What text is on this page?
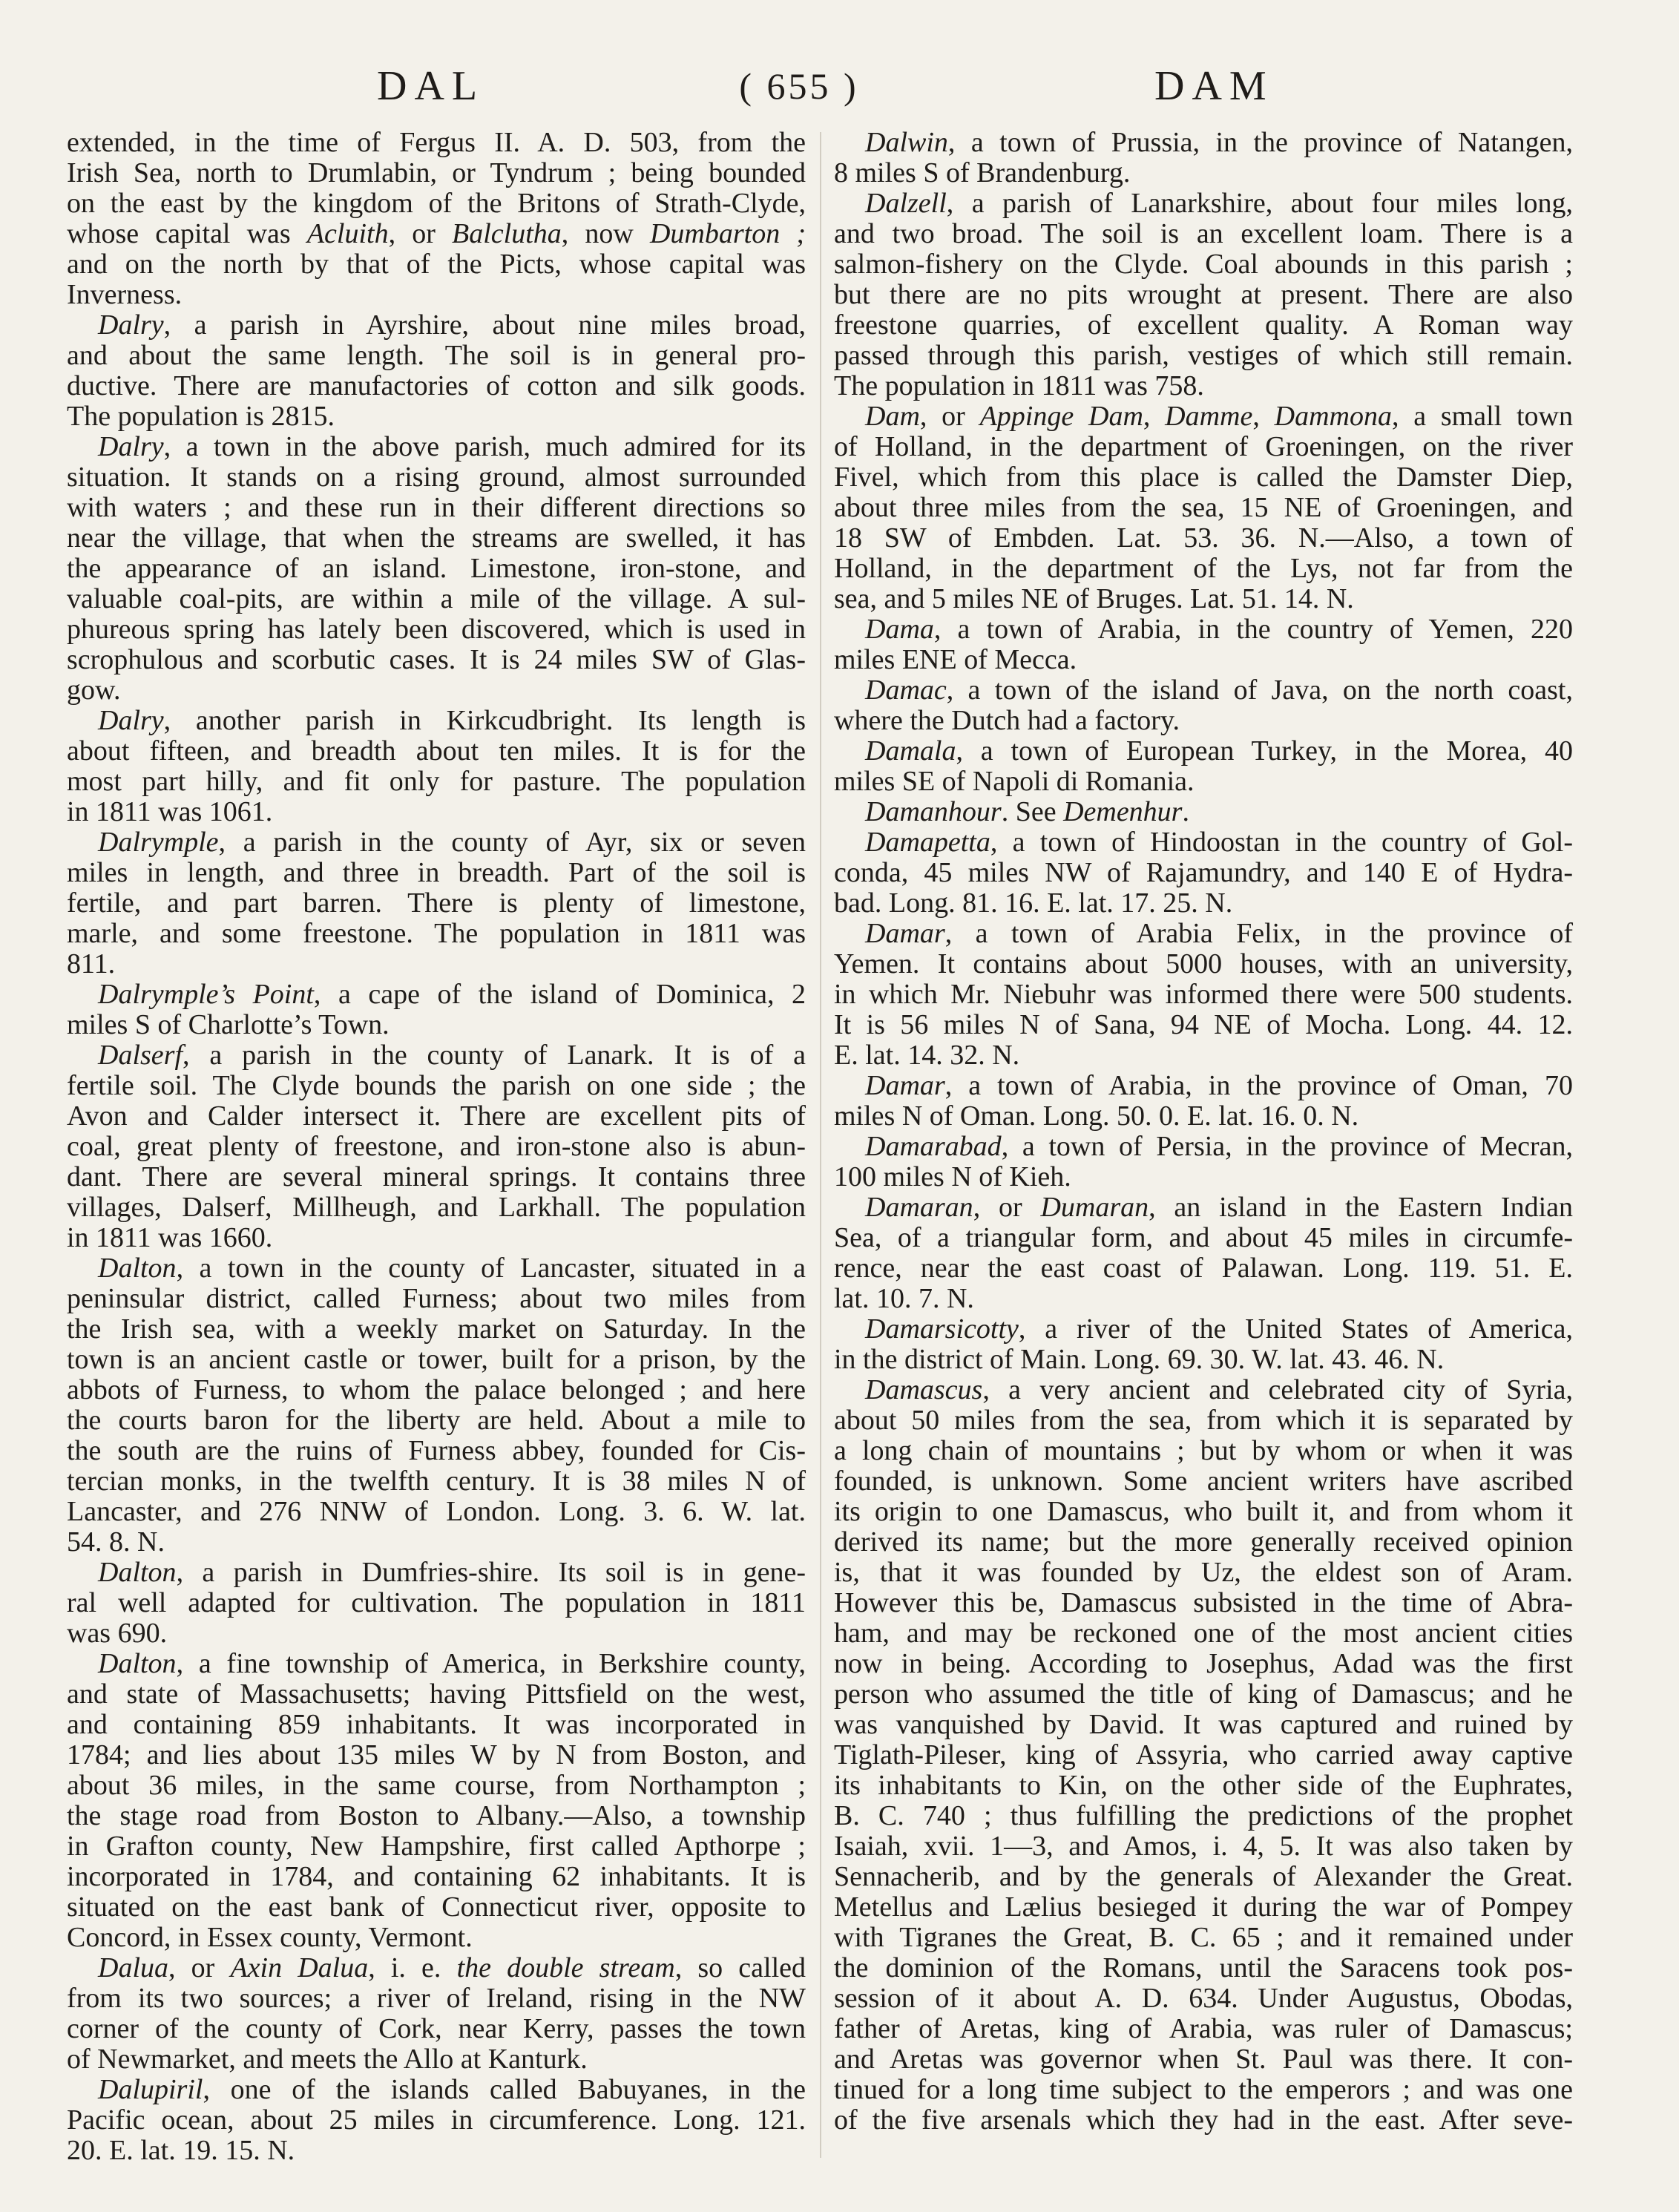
DAL	( 655 )	DAM
extended, in the time of Fergus II. A. D. 503, from the
Irish Sea, north to Drumlabin, or Tyndrum ; being bounded
on the east by the kingdom of the Britons of Strath-Clyde,
whose capital was Acluith, or Balclutha, now Dumbarton ;
and on the north by that of the Picts, whose capital was
Inverness.
Dalry, a parish in Ayrshire, about nine miles broad,
and about the same length. The soil is in general pro-
ductive. There are manufactories of cotton and silk goods.
The population is 2815.
Dalry, a town in the above parish, much admired for its
situation. It stands on a rising ground, almost surrounded
with waters ; and these run in their different directions so
near the village, that when the streams are swelled, it has
the appearance of an island. Limestone, iron-stone, and
valuable coal-pits, are within a mile of the village. A sul-
phureous spring has lately been discovered, which is used in
scrophulous and scorbutic cases. It is 24 miles SW of Glas-
gow.
Dalry, another parish in Kirkcudbright. Its length is
about fifteen, and breadth about ten miles. It is for the
most part hilly, and fit only for pasture. The population
in 1811 was 1061.
Dalrymple, a parish in the county of Ayr, six or seven
miles in length, and three in breadth. Part of the soil is
fertile, and part barren. There is plenty of limestone,
marle, and some freestone. The population in 1811 was
811.
Dalrymple’s Point, a cape of the island of Dominica, 2
miles S of Charlotte’s Town.
Dalserf, a parish in the county of Lanark. It is of a
fertile soil. The Clyde bounds the parish on one side ; the
Avon and Calder intersect it. There are excellent pits of
coal, great plenty of freestone, and iron-stone also is abun-
dant. There are several mineral springs. It contains three
villages, Dalserf, Millheugh, and Larkhall. The population
in 1811 was 1660.
Dalton, a town in the county of Lancaster, situated in a
peninsular district, called Furness; about two miles from
the Irish sea, with a weekly market on Saturday. In the
town is an ancient castle or tower, built for a prison, by the
abbots of Furness, to whom the palace belonged ; and here
the courts baron for the liberty are held. About a mile to
the south are the ruins of Furness abbey, founded for Cis-
tercian monks, in the twelfth century. It is 38 miles N of
Lancaster, and 276 NNW of London. Long. 3. 6. W. lat.
54. 8. N.
Dalton, a parish in Dumfries-shire. Its soil is in gene-
ral well adapted for cultivation. The population in 1811
was 690.
Dalton, a fine township of America, in Berkshire county,
and state of Massachusetts; having Pittsfield on the west,
and containing 859 inhabitants. It was incorporated in
1784; and lies about 135 miles W by N from Boston, and
about 36 miles, in the same course, from Northampton ;
the stage road from Boston to Albany.—Also, a township
in Grafton county, New Hampshire, first called Apthorpe ;
incorporated in 1784, and containing 62 inhabitants. It is
situated on the east bank of Connecticut river, opposite to
Concord, in Essex county, Vermont.
Dalua, or Axin Dalua, i. e. the double stream, so called
from its two sources; a river of Ireland, rising in the NW
corner of the county of Cork, near Kerry, passes the town
of Newmarket, and meets the Allo at Kanturk.
Dalupiril, one of the islands called Babuyanes, in the
Pacific ocean, about 25 miles in circumference. Long. 121.
20. E. lat. 19. 15. N.
Dalwin, a town of Prussia, in the province of Natangen,
8 miles S of Brandenburg.
Dalzell, a parish of Lanarkshire, about four miles long,
and two broad. The soil is an excellent loam. There is a
salmon-fishery on the Clyde. Coal abounds in this parish ;
but there are no pits wrought at present. There are also
freestone quarries, of excellent quality. A Roman way
passed through this parish, vestiges of which still remain.
The population in 1811 was 758.
Dam, or Appinge Dam, Damme, Dammona, a small town
of Holland, in the department of Groeningen, on the river
Fivel, which from this place is called the Damster Diep,
about three miles from the sea, 15 NE of Groeningen, and
18 SW of Embden. Lat. 53. 36. N.—Also, a town of
Holland, in the department of the Lys, not far from the
sea, and 5 miles NE of Bruges. Lat. 51. 14. N.
Dama, a town of Arabia, in the country of Yemen, 220
miles ENE of Mecca.
Damac, a town of the island of Java, on the north coast,
where the Dutch had a factory.
Damala, a town of European Turkey, in the Morea, 40
miles SE of Napoli di Romania.
Damanhour. See Demenhur.
Damapetta, a town of Hindoostan in the country of Gol-
conda, 45 miles NW of Rajamundry, and 140 E of Hydra-
bad. Long. 81. 16. E. lat. 17. 25. N.
Damar, a town of Arabia Felix, in the province of
Yemen. It contains about 5000 houses, with an university,
in which Mr. Niebuhr was informed there were 500 students.
It is 56 miles N of Sana, 94 NE of Mocha. Long. 44. 12.
E. lat. 14. 32. N.
Damar, a town of Arabia, in the province of Oman, 70
miles N of Oman. Long. 50. 0. E. lat. 16. 0. N.
Damarabad, a town of Persia, in the province of Mecran,
100 miles N of Kieh.
Damaran, or Dumaran, an island in the Eastern Indian
Sea, of a triangular form, and about 45 miles in circumfe-
rence, near the east coast of Palawan. Long. 119. 51. E.
lat. 10. 7. N.
Damarsicotty, a river of the United States of America,
in the district of Main. Long. 69. 30. W. lat. 43. 46. N.
Damascus, a very ancient and celebrated city of Syria,
about 50 miles from the sea, from which it is separated by
a long chain of mountains ; but by whom or when it was
founded, is unknown. Some ancient writers have ascribed
its origin to one Damascus, who built it, and from whom it
derived its name; but the more generally received opinion
is, that it was founded by Uz, the eldest son of Aram.
However this be, Damascus subsisted in the time of Abra-
ham, and may be reckoned one of the most ancient cities
now in being. According to Josephus, Adad was the first
person who assumed the title of king of Damascus; and he
was vanquished by David. It was captured and ruined by
Tiglath-Pileser, king of Assyria, who carried away captive
its inhabitants to Kin, on the other side of the Euphrates,
B. C. 740 ; thus fulfilling the predictions of the prophet
Isaiah, xvii. 1—3, and Amos, i. 4, 5. It was also taken by
Sennacherib, and by the generals of Alexander the Great.
Metellus and Lælius besieged it during the war of Pompey
with Tigranes the Great, B. C. 65 ; and it remained under
the dominion of the Romans, until the Saracens took pos-
session of it about A. D. 634. Under Augustus, Obodas,
father of Aretas, king of Arabia, was ruler of Damascus;
and Aretas was governor when St. Paul was there. It con-
tinued for a long time subject to the emperors ; and was one
of the five arsenals which they had in the east. After seve-
